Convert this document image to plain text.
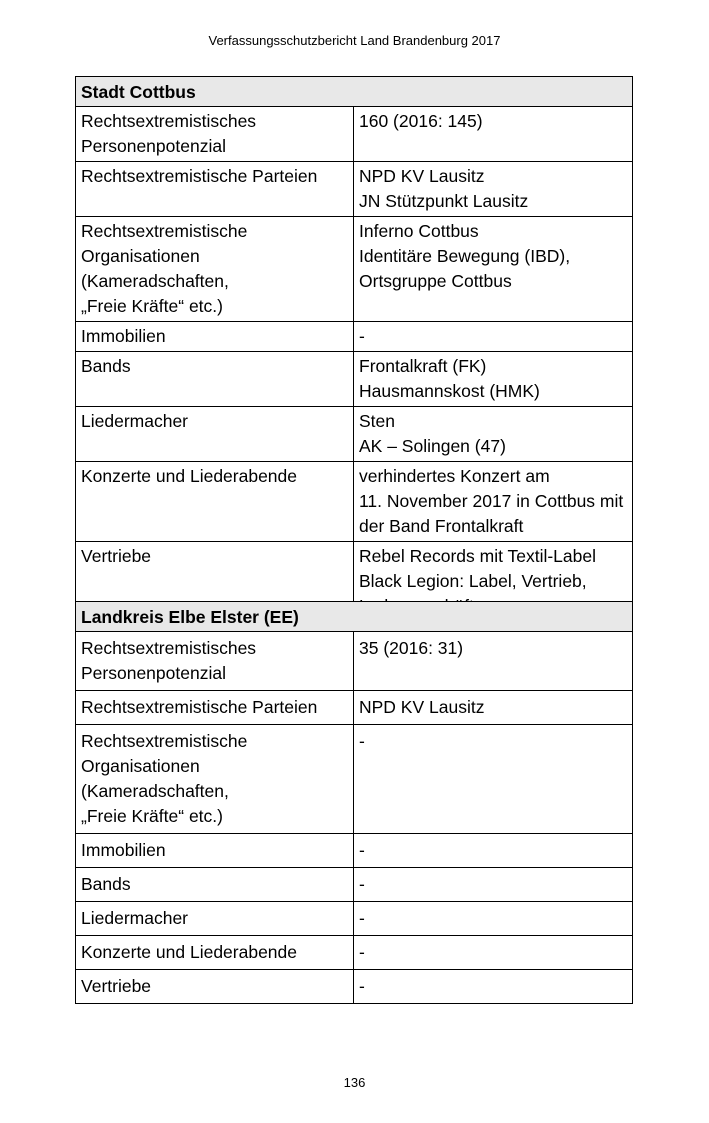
Verfassungsschutzbericht Land Brandenburg 2017
Stadt Cottbus	

Rechtsextremistisches
Personenpotenzial	160 (2016: 145)

Rechtsextremistische Parteien	NPD KV Lausitz
JN Stützpunkt Lausitz

Rechtsextremistische
Organisationen (Kameradschaften,
„Freie Kräfte“ etc.)	Inferno Cottbus
Identitäre Bewegung (IBD),
Ortsgruppe Cottbus

Immobilien	-

Bands	Frontalkraft (FK)
Hausmannskost (HMK)

Liedermacher	Sten
AK – Solingen (47)

Konzerte und Liederabende	verhindertes Konzert am
11. November 2017 in Cottbus mit
der Band Frontalkraft

Vertriebe	Rebel Records mit Textil-Label
Black Legion: Label, Vertrieb,
Landkreis Elbe Elster (EE)	

Rechtsextremistisches
Personenpotenzial	35 (2016: 31)

Rechtsextremistische Parteien	NPD KV Lausitz

Rechtsextremistische
Organisationen (Kameradschaften,
„Freie Kräfte“ etc.)	-

Immobilien	-

Bands	-

Liedermacher	-

Konzerte und Liederabende	-

Vertriebe	-
136
